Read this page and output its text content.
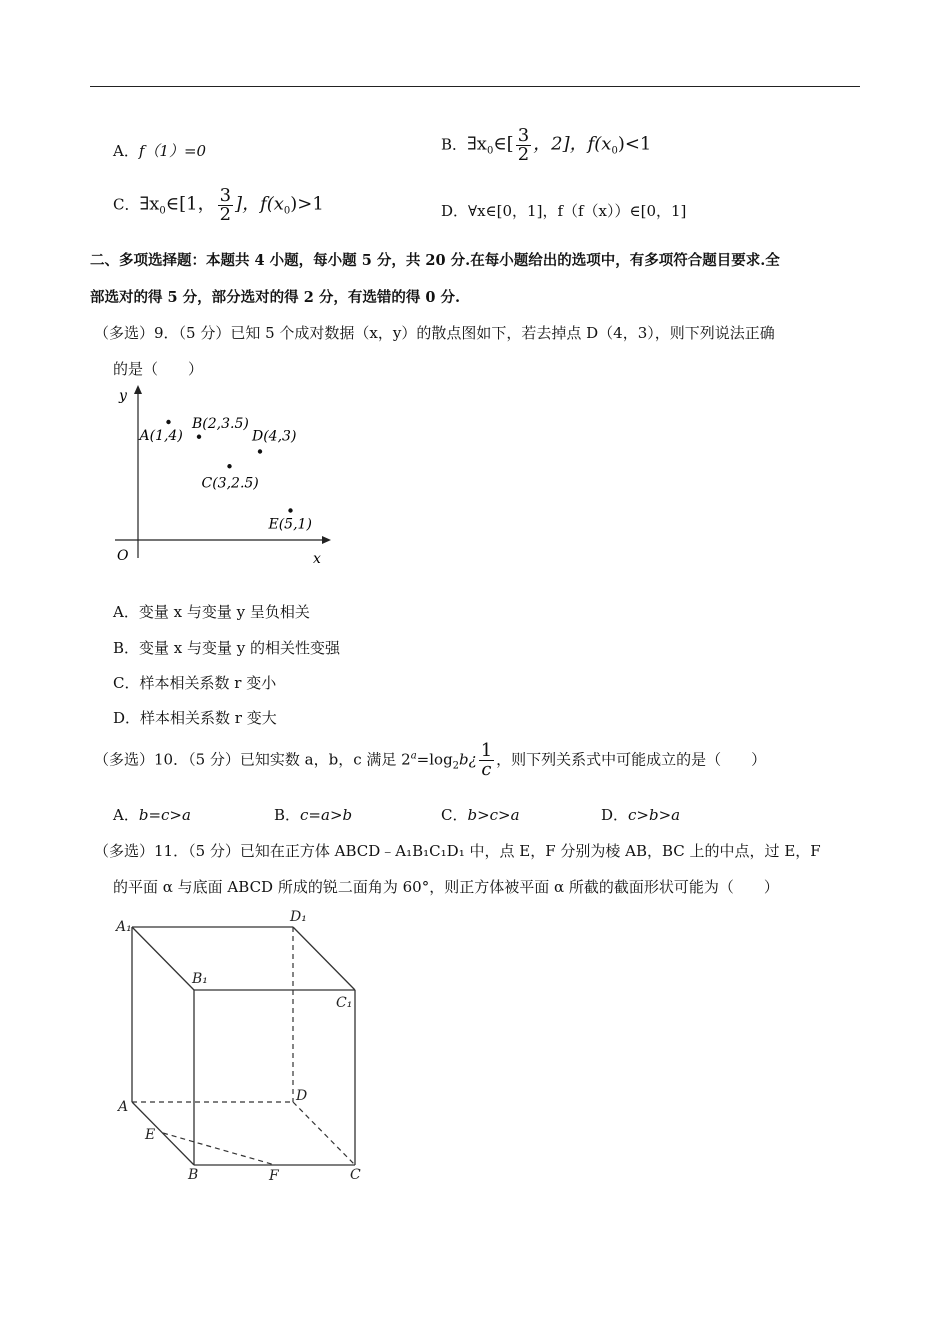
A．f（1）=0	B．$\exists x_0\in[ \frac{3}{2}$ ，2]，$f(x_0)<1$
C．$\exists x_0\in[1$， $\frac{3}{2}$ ]，$f(x_0)>1$	D．∀x∈[0，1]，f（f（x））∈[0，1]
二、多项选择题：本题共 4 小题，每小题 5 分，共 20 分.在每小题给出的选项中，有多项符合题目要求.全
部选对的得 5 分，部分选对的得 2 分，有选错的得 0 分.
（多选）9．（5 分）已知 5 个成对数据（x，y）的散点图如下，若去掉点 D（4，3），则下列说法正确
的是（　　）
y
x
O
A(1,4)
B(2,3.5)
C(3,2.5)
D(4,3)
E(5,1)
A．变量 x 与变量 y 呈负相关
B．变量 x 与变量 y 的相关性变强
C．样本相关系数 r 变小
D．样本相关系数 r 变大
（多选）10．（5 分）已知实数 a，b，c 满足 $2^a=\log_2b¿ \frac{1}{c}$ ，则下列关系式中可能成立的是（　　）
A．b=c>a	B．c=a>b	C．b>c>a	D．c>b>a
（多选）11．（5 分）已知在正方体 ABCD﹣A₁B₁C₁D₁ 中，点 E，F 分别为棱 AB，BC 上的中点，过 E，F
的平面 α 与底面 ABCD 所成的锐二面角为 60°，则正方体被平面 α 所截的截面形状可能为（　　）
A₁
D₁
B₁
C₁
A
D
E
B	F	C
